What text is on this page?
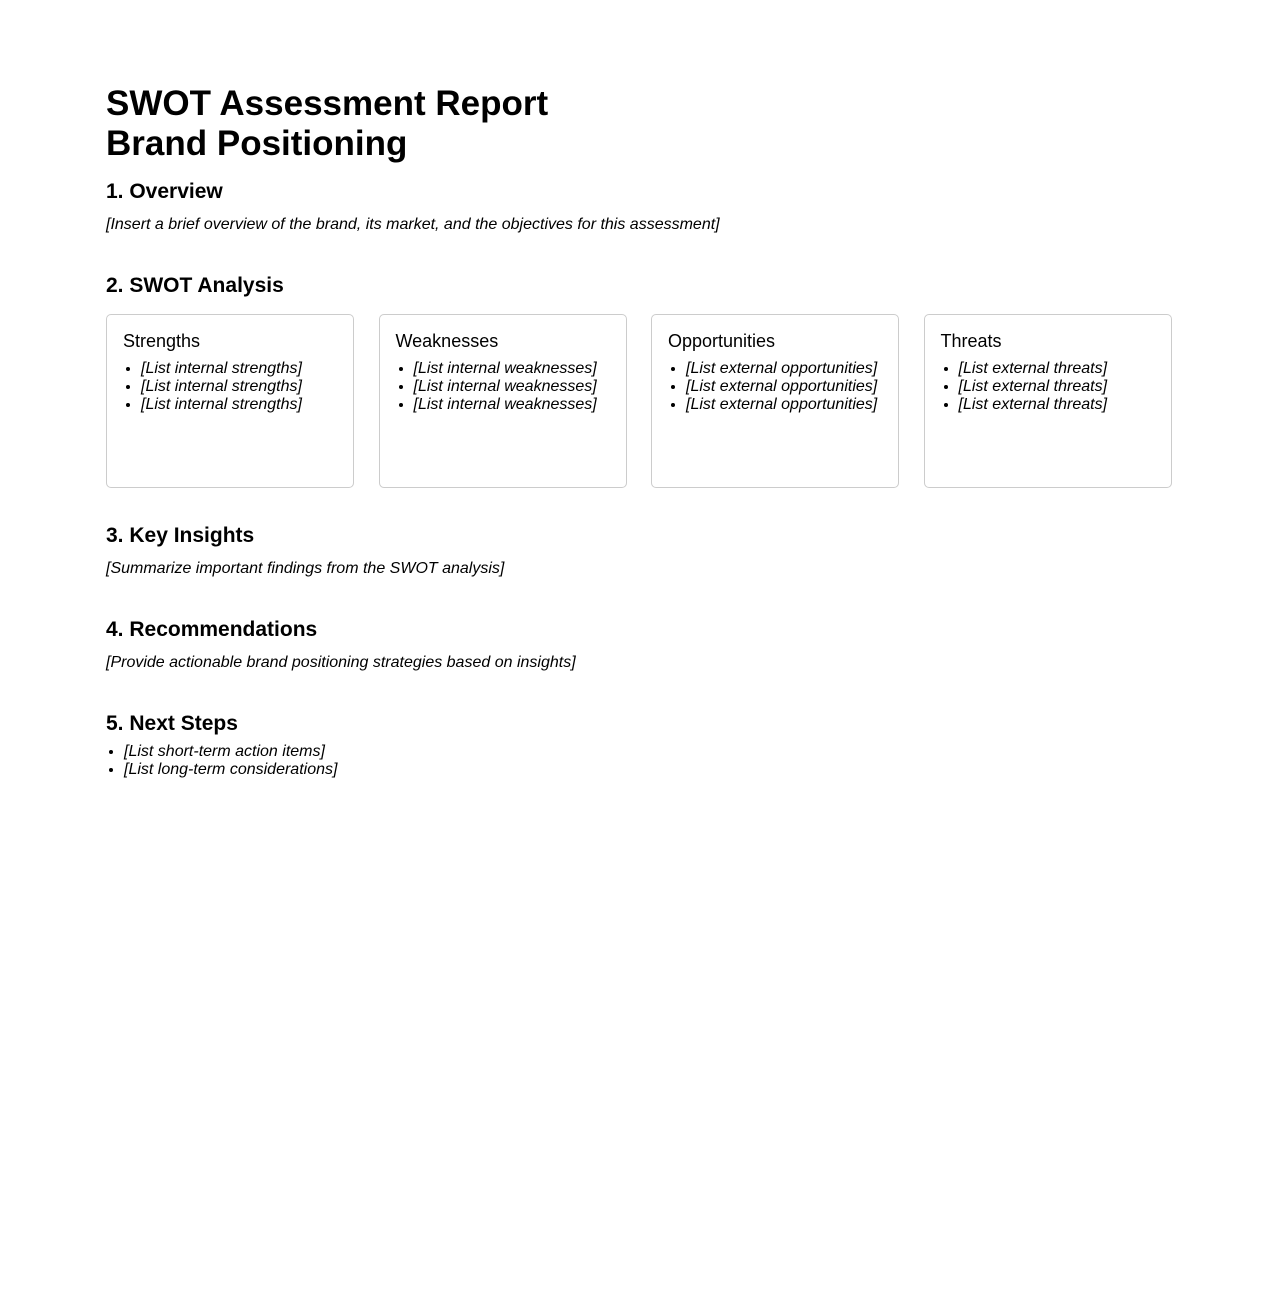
SWOT Assessment Report
Brand Positioning
1. Overview

[Insert a brief overview of the brand, its market, and the objectives for this assessment]

2. SWOT Analysis
Strengths
• [List internal strengths]
• [List internal strengths]
• [List internal strengths]
Weaknesses
• [List internal weaknesses]
• [List internal weaknesses]
• [List internal weaknesses]
Opportunities
• [List external opportunities]
• [List external opportunities]
• [List external opportunities]
Threats
• [List external threats]
• [List external threats]
• [List external threats]
3. Key Insights

[Summarize important findings from the SWOT analysis]

4. Recommendations

[Provide actionable brand positioning strategies based on insights]

5. Next Steps
• [List short-term action items]
• [List long-term considerations]
